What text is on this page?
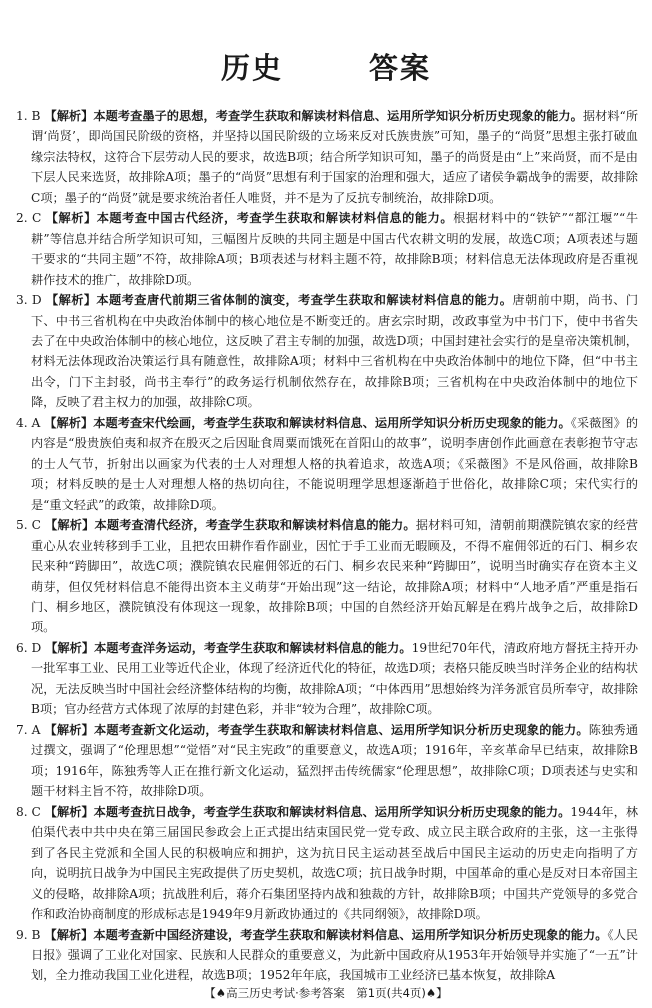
历史	答案

1. B 【解析】本题考查墨子的思想，考查学生获取和解读材料信息、运用所学知识分析历史现象的能力。据材料“所谓‘尚贤’，即尚国民阶级的资格，并坚持以国民阶级的立场来反对氏族贵族”可知，墨子的“尚贤”思想主张打破血缘宗法特权，这符合下层劳动人民的要求，故选B项；结合所学知识可知，墨子的尚贤是由“上”来尚贤，而不是由下层人民来选贤，故排除A项；墨子的“尚贤”思想有利于国家的治理和强大，适应了诸侯争霸战争的需要，故排除C项；墨子的“尚贤”就是要求统治者任人唯贤，并不是为了反抗专制统治，故排除D项。

2. C 【解析】本题考查中国古代经济，考查学生获取和解读材料信息的能力。根据材料中的“铁铲”“都江堰”“牛耕”等信息并结合所学知识可知，三幅图片反映的共同主题是中国古代农耕文明的发展，故选C项；A项表述与题干要求的“共同主题”不符，故排除A项；B项表述与材料主题不符，故排除B项；材料信息无法体现政府是否重视耕作技术的推广，故排除D项。

3. D 【解析】本题考查唐代前期三省体制的演变，考查学生获取和解读材料信息的能力。唐朝前中期，尚书、门下、中书三省机构在中央政治体制中的核心地位是不断变迁的。唐玄宗时期，改政事堂为中书门下，使中书省失去了在中央政治体制中的核心地位，这反映了君主专制的加强，故选D项；中国封建社会实行的是皇帝决策机制，材料无法体现政治决策运行具有随意性，故排除A项；材料中三省机构在中央政治体制中的地位下降，但“中书主出令，门下主封驳，尚书主奉行”的政务运行机制依然存在，故排除B项；三省机构在中央政治体制中的地位下降，反映了君主权力的加强，故排除C项。

4. A 【解析】本题考查宋代绘画，考查学生获取和解读材料信息、运用所学知识分析历史现象的能力。《采薇图》的内容是“殷贵族伯夷和叔齐在殷灭之后因耻食周粟而饿死在首阳山的故事”，说明李唐创作此画意在表彰抱节守志的士人气节，折射出以画家为代表的士人对理想人格的执着追求，故选A项；《采薇图》不是风俗画，故排除B项；材料反映的是士人对理想人格的热切向往，不能说明理学思想逐渐趋于世俗化，故排除C项；宋代实行的是“重文轻武”的政策，故排除D项。

5. C 【解析】本题考查清代经济，考查学生获取和解读材料信息的能力。据材料可知，清朝前期濮院镇农家的经营重心从农业转移到手工业，且把农田耕作看作副业，因忙于手工业而无暇顾及，不得不雇佣邻近的石门、桐乡农民来种“跨脚田”，故选C项；濮院镇农民雇佣邻近的石门、桐乡农民来种“跨脚田”，说明当时确实存在资本主义萌芽，但仅凭材料信息不能得出资本主义萌芽“开始出现”这一结论，故排除A项；材料中“人地矛盾”严重是指石门、桐乡地区，濮院镇没有体现这一现象，故排除B项；中国的自然经济开始瓦解是在鸦片战争之后，故排除D项。

6. D 【解析】本题考查洋务运动，考查学生获取和解读材料信息的能力。19世纪70年代，清政府地方督抚主持开办一批军事工业、民用工业等近代企业，体现了经济近代化的特征，故选D项；表格只能反映当时洋务企业的结构状况，无法反映当时中国社会经济整体结构的均衡，故排除A项；“中体西用”思想始终为洋务派官员所奉守，故排除B项；官办经营方式体现了浓厚的封建色彩，并非“较为合理”，故排除C项。

7. A 【解析】本题考查新文化运动，考查学生获取和解读材料信息、运用所学知识分析历史现象的能力。陈独秀通过撰文，强调了“伦理思想”“觉悟”对“民主宪政”的重要意义，故选A项；1916年，辛亥革命早已结束，故排除B项；1916年，陈独秀等人正在推行新文化运动，猛烈抨击传统儒家“伦理思想”，故排除C项；D项表述与史实和题干材料主旨不符，故排除D项。

8. C 【解析】本题考查抗日战争，考查学生获取和解读材料信息、运用所学知识分析历史现象的能力。1944年，林伯渠代表中共中央在第三届国民参政会上正式提出结束国民党一党专政、成立民主联合政府的主张，这一主张得到了各民主党派和全国人民的积极响应和拥护，这为抗日民主运动甚至战后中国民主运动的历史走向指明了方向，说明抗日战争为中国民主宪政提供了历史契机，故选C项；抗日战争时期，中国革命的重心是反对日本帝国主义的侵略，故排除A项；抗战胜利后，蒋介石集团坚持内战和独裁的方针，故排除B项；中国共产党领导的多党合作和政治协商制度的形成标志是1949年9月新政协通过的《共同纲领》，故排除D项。

9. B 【解析】本题考查新中国经济建设，考查学生获取和解读材料信息、运用所学知识分析历史现象的能力。《人民日报》强调了工业化对国家、民族和人民群众的重要意义，为此新中国政府从1953年开始领导并实施了“一五”计划，全力推动我国工业化进程，故选B项；1952年年底，我国城市工业经济已基本恢复，故排除A

【♠高三历史考试·参考答案　第1页(共4页)♠】
